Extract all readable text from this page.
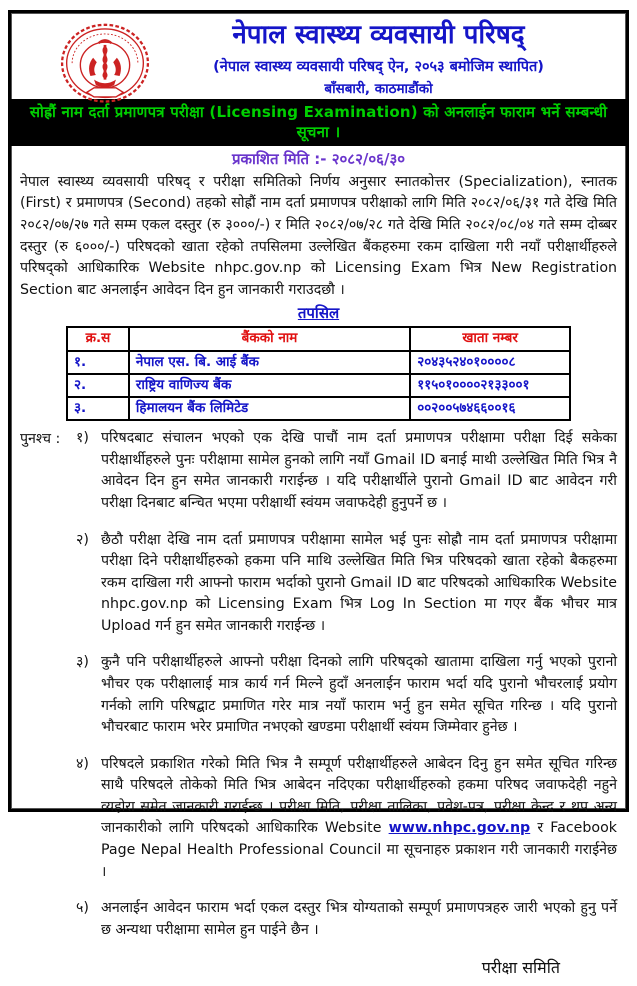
नेपाल स्वास्थ्य व्यवसायी परिषद्
(नेपाल स्वास्थ्य व्यवसायी परिषद् ऐन, २०५३ बमोजिम स्थापित)
बाँसबारी, काठमाडौंको
सोह्रौं नाम दर्ता प्रमाणपत्र परीक्षा (Licensing Examination) को अनलाईन फाराम भर्ने सम्बन्धी सूचना ।
प्रकाशित मिति :- २०८२/०६/३०
नेपाल स्वास्थ्य व्यवसायी परिषद् र परीक्षा समितिको निर्णय अनुसार स्नातकोत्तर (Specialization), स्नातक (First) र प्रमाणपत्र (Second) तहको सोह्रौं नाम दर्ता प्रमाणपत्र परीक्षाको लागि मिति २०८२/०६/३१ गते देखि मिति २०८२/०७/२७ गते सम्म एकल दस्तुर (रु ३०००/-) र मिति २०८२/०७/२८ गते देखि मिति २०८२/०८/०४ गते सम्म दोब्बर दस्तुर (रु ६०००/-) परिषदको खाता रहेको तपसिलमा उल्लेखित बैंकहरुमा रकम दाखिला गरी नयाँ परीक्षार्थीहरुले परिषद्को आधिकारिक Website nhpc.gov.np को Licensing Exam भित्र New Registration Section बाट अनलाईन आवेदन दिन हुन जानकारी गराउदछौ ।
तपसिल
क्र.स	बैंकको नाम	खाता नम्बर
१.	नेपाल एस. बि. आई बैंक	२०४३५२४०१००००८
२.	राष्ट्रिय वाणिज्य बैंक	११५०१००००२१३३००१
३.	हिमालयन बैंक लिमिटेड	००२००५७४६६००१६
पुनश्च :	१) परिषदबाट संचालन भएको एक देखि पाचौं नाम दर्ता प्रमाणपत्र परीक्षामा परीक्षा दिई सकेका परीक्षार्थीहरुले पुनः परीक्षामा सामेल हुनको लागि नयाँ Gmail ID बनाई माथी उल्लेखित मिति भित्र नै आवेदन दिन हुन समेत जानकारी गराईन्छ । यदि परीक्षार्थीले पुरानो Gmail ID बाट आवेदन गरी परीक्षा दिनबाट बन्चित भएमा परीक्षार्थी स्वंयम जवाफदेही हुनुपर्ने छ ।
२) छैठौ परीक्षा देखि नाम दर्ता प्रमाणपत्र परीक्षामा सामेल भई पुनः सोह्रौ नाम दर्ता प्रमाणपत्र परीक्षामा परीक्षा दिने परीक्षार्थीहरुको हकमा पनि माथि उल्लेखित मिति भित्र परिषदको खाता रहेको बैकहरुमा रकम दाखिला गरी आफ्नो फाराम भर्दाको पुरानो Gmail ID बाट परिषदको आधिकारिक Website nhpc.gov.np को Licensing Exam भित्र Log In Section मा गएर बैंक भौचर मात्र Upload गर्न हुन समेत जानकारी गराईन्छ ।
३) कुनै पनि परीक्षार्थीहरुले आफ्नो परीक्षा दिनको लागि परिषद्को खातामा दाखिला गर्नु भएको पुरानो भौचर एक परीक्षालाई मात्र कार्य गर्न मिल्ने हुदाँ अनलाईन फाराम भर्दा यदि पुरानो भौचरलाई प्रयोग गर्नको लागि परिषद्बाट प्रमाणित गरेर मात्र नयाँ फाराम भर्नु हुन समेत सूचित गरिन्छ । यदि पुरानो भौचरबाट फाराम भरेर प्रमाणित नभएको खण्डमा परीक्षार्थी स्वंयम जिम्मेवार हुनेछ ।
४) परिषदले प्रकाशित गरेको मिति भित्र नै सम्पूर्ण परीक्षार्थीहरुले आबेदन दिनु हुन समेत सूचित गरिन्छ साथै परिषदले तोकेको मिति भित्र आबेदन नदिएका परीक्षार्थीहरुको हकमा परिषद जवाफदेही नहुने व्यहोरा समेत जानकारी गराईन्छ । परीक्षा मिति, परीक्षा तालिका, प्रवेश-पत्र, परीक्षा केन्द्र र थप अन्य जानकारीको लागि परिषदको आधिकारिक Website www.nhpc.gov.np र Facebook Page Nepal Health Professional Council मा सूचनाहरु प्रकाशन गरी जानकारी गराईनेछ ।
५) अनलाईन आवेदन फाराम भर्दा एकल दस्तुर भित्र योग्यताको सम्पूर्ण प्रमाणपत्रहरु जारी भएको हुनु पर्ने छ अन्यथा परीक्षामा सामेल हुन पाईने छैन ।
परीक्षा समिति
